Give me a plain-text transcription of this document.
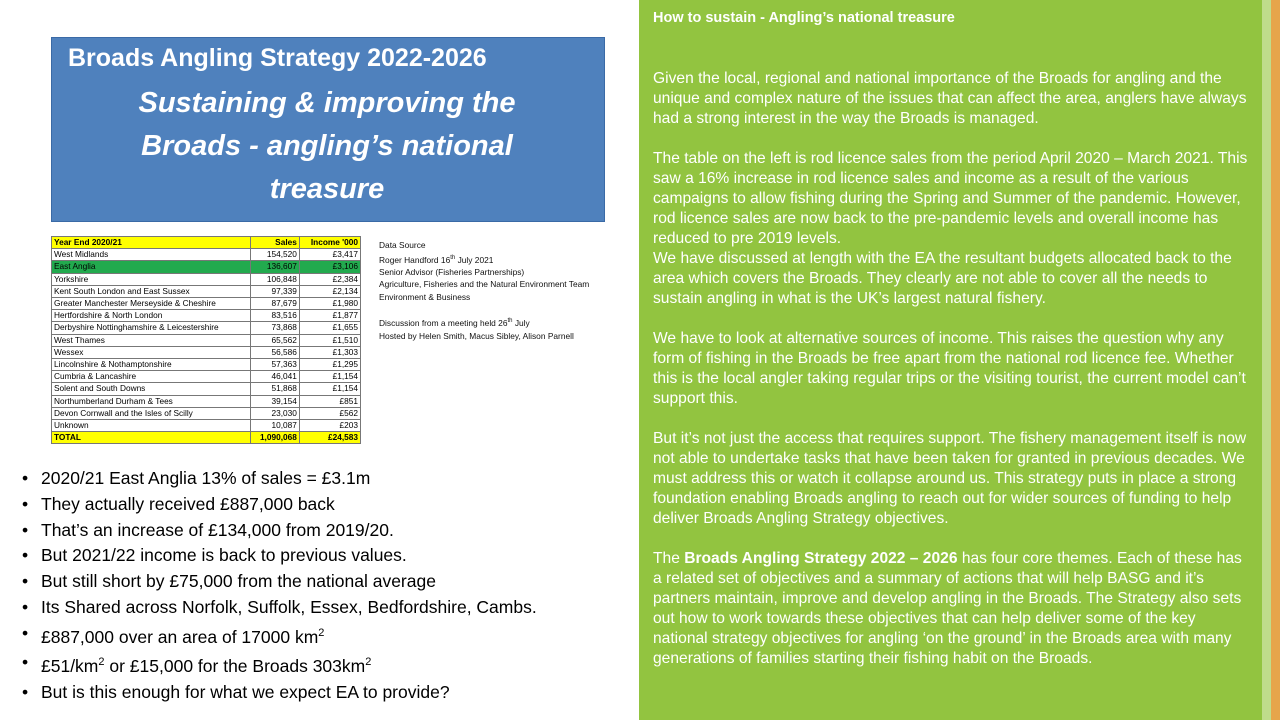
Broads Angling Strategy 2022-2026
Sustaining & improving the Broads - angling’s national treasure
Year End 2020/21	Sales	Income '000
West Midlands	154,520	£3,417
East Anglia	136,607	£3,106
Yorkshire	106,848	£2,384
Kent South London and East Sussex	97,339	£2,134
Greater Manchester Merseyside & Cheshire	87,679	£1,980
Hertfordshire & North London	83,516	£1,877
Derbyshire Nottinghamshire & Leicestershire	73,868	£1,655
West Thames	65,562	£1,510
Wessex	56,586	£1,303
Lincolnshire & Nothamptonshire	57,363	£1,295
Cumbria & Lancashire	46,041	£1,154
Solent and South Downs	51,868	£1,154
Northumberland Durham & Tees	39,154	£851
Devon Cornwall and the Isles of Scilly	23,030	£562
Unknown	10,087	£203
TOTAL	1,090,068	£24,583
Data Source
Roger Handford 16th July 2021
Senior Advisor (Fisheries Partnerships)
Agriculture, Fisheries and the Natural Environment Team
Environment & Business
Discussion from a meeting held 26th July
Hosted by Helen Smith, Macus Sibley, Alison Parnell
• 2020/21 East Anglia 13% of sales = £3.1m
• They actually received £887,000 back
• That’s an increase of £134,000 from 2019/20.
• But 2021/22 income is back to previous values.
• But still short by £75,000 from the national average
• Its Shared across Norfolk, Suffolk, Essex, Bedfordshire, Cambs.
• £887,000 over an area of 17000 $km^2$
• $£51/km^2$ or £15,000 for the Broads $303km^2$
• But is this enough for what we expect EA to provide?
How to sustain - Angling’s national treasure

Given the local, regional and national importance of the Broads for angling and the unique and complex nature of the issues that can affect the area, anglers have always had a strong interest in the way the Broads is managed.

The table on the left is rod licence sales from the period April 2020 – March 2021. This saw a 16% increase in rod licence sales and income as a result of the various campaigns to allow fishing during the Spring and Summer of the pandemic. However, rod licence sales are now back to the pre-pandemic levels and overall income has reduced to pre 2019 levels.

We have discussed at length with the EA the resultant budgets allocated back to the area which covers the Broads. They clearly are not able to cover all the needs to sustain angling in what is the UK’s largest natural fishery.

We have to look at alternative sources of income. This raises the question why any form of fishing in the Broads be free apart from the national rod licence fee. Whether this is the local angler taking regular trips or the visiting tourist, the current model can’t support this.

But it’s not just the access that requires support. The fishery management itself is now not able to undertake tasks that have been taken for granted in previous decades. We must address this or watch it collapse around us. This strategy puts in place a strong foundation enabling Broads angling to reach out for wider sources of funding to help deliver Broads Angling Strategy objectives.

The Broads Angling Strategy 2022 – 2026 has four core themes. Each of these has a related set of objectives and a summary of actions that will help BASG and it’s partners maintain, improve and develop angling in the Broads. The Strategy also sets out how to work towards these objectives that can help deliver some of the key national strategy objectives for angling ‘on the ground’ in the Broads area with many generations of families starting their fishing habit on the Broads.
